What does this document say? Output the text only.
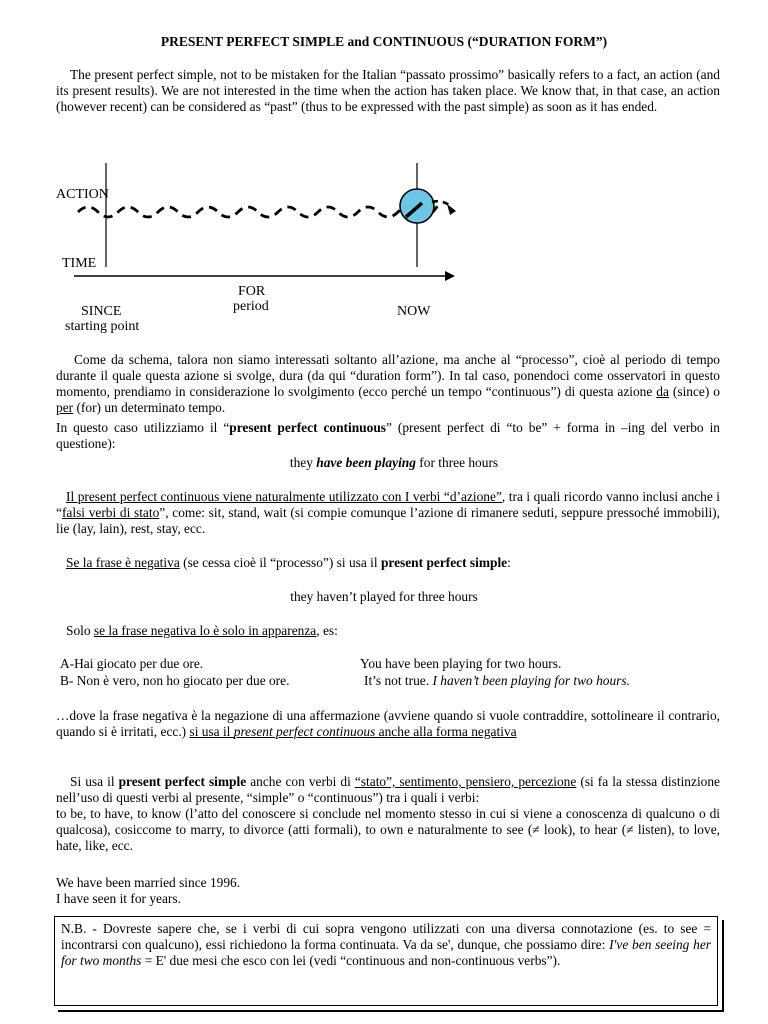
PRESENT PERFECT SIMPLE and CONTINUOUS (“DURATION FORM”)

The present perfect simple, not to be mistaken for the Italian “passato prossimo” basically refers to a fact, an action (and its present results). We are not interested in the time when the action has taken place. We know that, in that case, an action (however recent) can be considered as “past” (thus to be expressed with the past simple) as soon as it has ended.

ACTION
TIME
FOR
period
SINCE
starting point
NOW

Come da schema, talora non siamo interessati soltanto all’azione, ma anche al “processo”, cioè al periodo di tempo durante il quale questa azione si svolge, dura (da qui “duration form”). In tal caso, ponendoci come osservatori in questo momento, prendiamo in considerazione lo svolgimento (ecco perché un tempo “continuous”) di questa azione da (since) o per (for) un determinato tempo.

In questo caso utilizziamo il “present perfect continuous” (present perfect di “to be” + forma in –ing del verbo in questione):

they have been playing for three hours

Il present perfect continuous viene naturalmente utilizzato con I verbi “d’azione”, tra i quali ricordo vanno inclusi anche i “falsi verbi di stato”, come: sit, stand, wait (si compie comunque l’azione di rimanere seduti, seppure pressoché immobili), lie (lay, lain), rest, stay, ecc.

Se la frase è negativa (se cessa cioè il “processo”) si usa il present perfect simple:

they haven’t played for three hours

Solo se la frase negativa lo è solo in apparenza, es:

A-Hai giocato per due ore.	You have been playing for two hours.

B- Non è vero, non ho giocato per due ore.	It’s not true. I haven’t been playing for two hours.

…dove la frase negativa è la negazione di una affermazione (avviene quando si vuole contraddire, sottolineare il contrario, quando si è irritati, ecc.) si usa il present perfect continuous anche alla forma negativa

Si usa il present perfect simple anche con verbi di “stato”, sentimento, pensiero, percezione (si fa la stessa distinzione nell’uso di questi verbi al presente, “simple” o “continuous”) tra i quali i verbi:

to be, to have, to know (l’atto del conoscere si conclude nel momento stesso in cui si viene a conoscenza di qualcuno o di qualcosa), cosiccome to marry, to divorce (atti formali), to own e naturalmente to see (≠ look), to hear (≠ listen), to love, hate, like, ecc.

We have been married since 1996.

I have seen it for years.

N.B. - Dovreste sapere che, se i verbi di cui sopra vengono utilizzati con una diversa connotazione (es. to see = incontrarsi con qualcuno), essi richiedono la forma continuata. Va da se', dunque, che possiamo dire: I've ben seeing her for two months = E' due mesi che esco con lei (vedi “continuous and non-continuous verbs”).
